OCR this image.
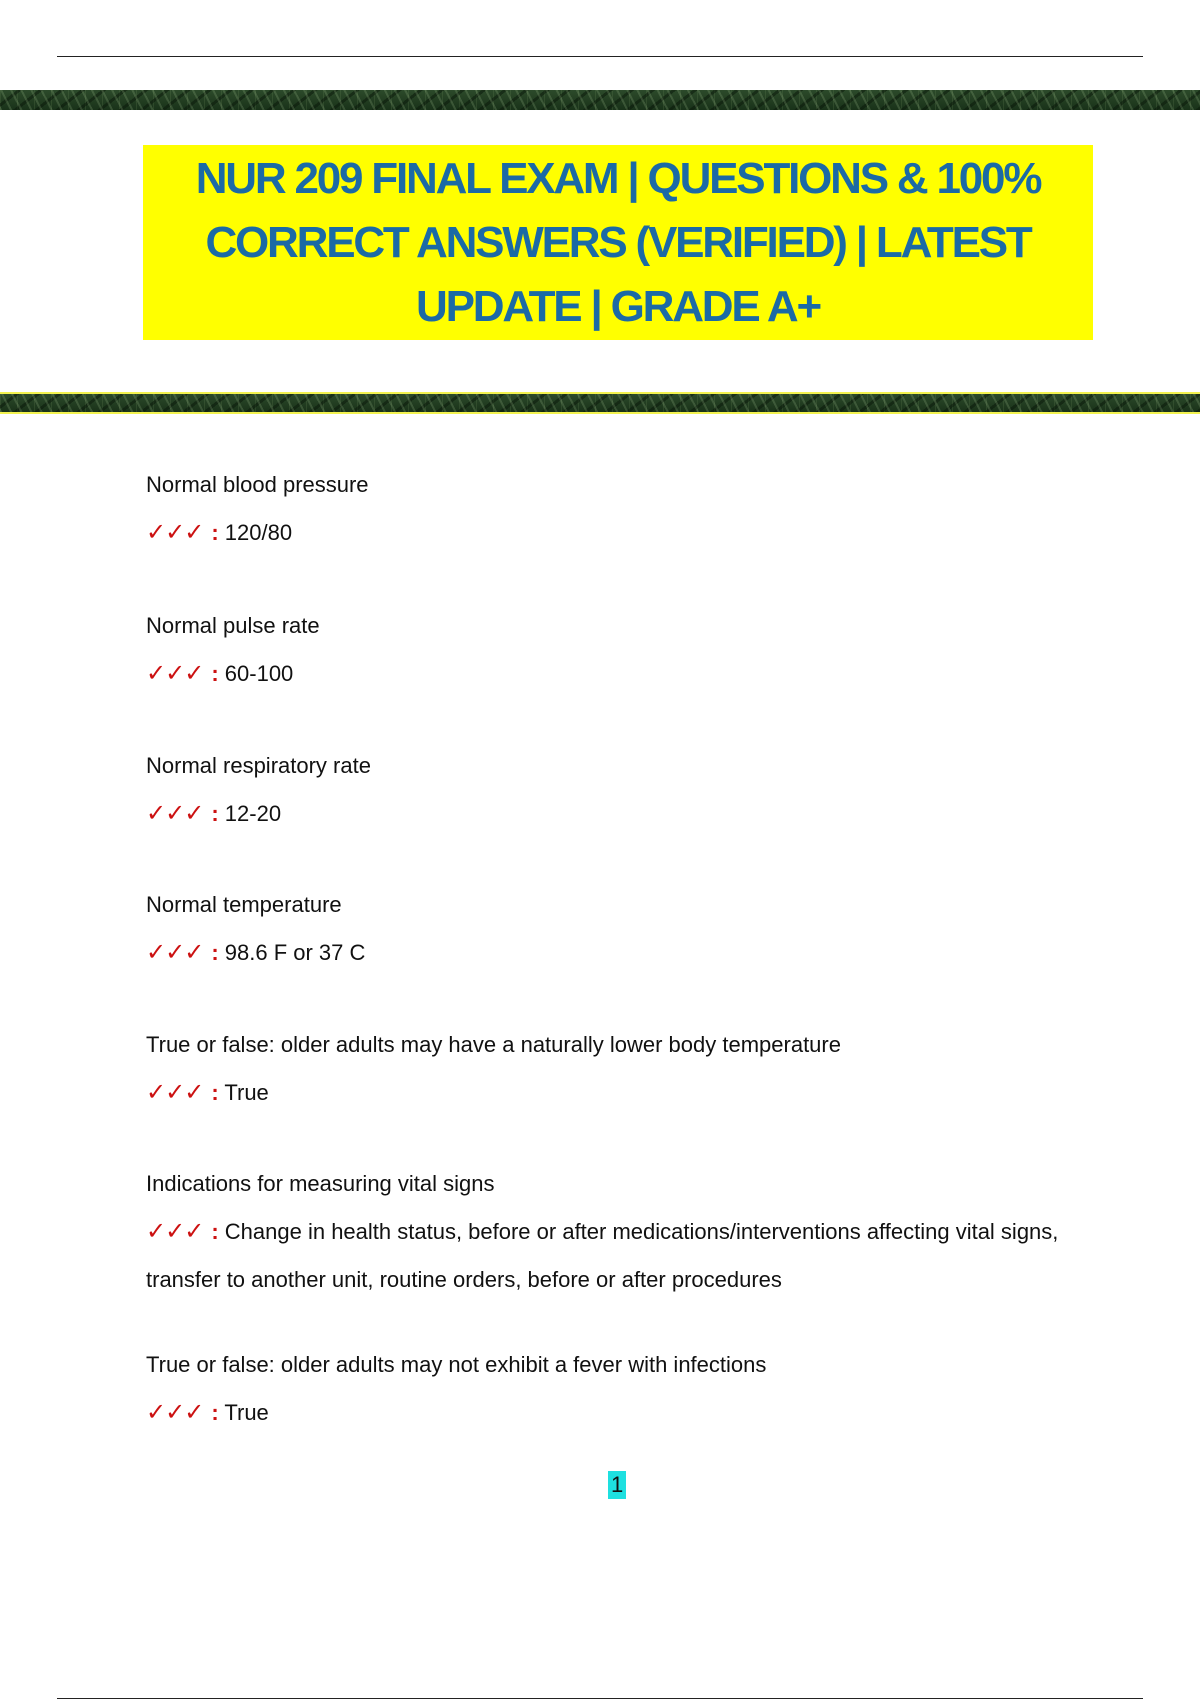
NUR 209 FINAL EXAM | QUESTIONS & 100% CORRECT ANSWERS (VERIFIED) | LATEST UPDATE | GRADE A+
Normal blood pressure
✓✓✓ : 120/80
Normal pulse rate
✓✓✓ : 60-100
Normal respiratory rate
✓✓✓ : 12-20
Normal temperature
✓✓✓ : 98.6 F or 37 C
True or false: older adults may have a naturally lower body temperature
✓✓✓ : True
Indications for measuring vital signs
✓✓✓ : Change in health status, before or after medications/interventions affecting vital signs, transfer to another unit, routine orders, before or after procedures
True or false: older adults may not exhibit a fever with infections
✓✓✓ : True
1
